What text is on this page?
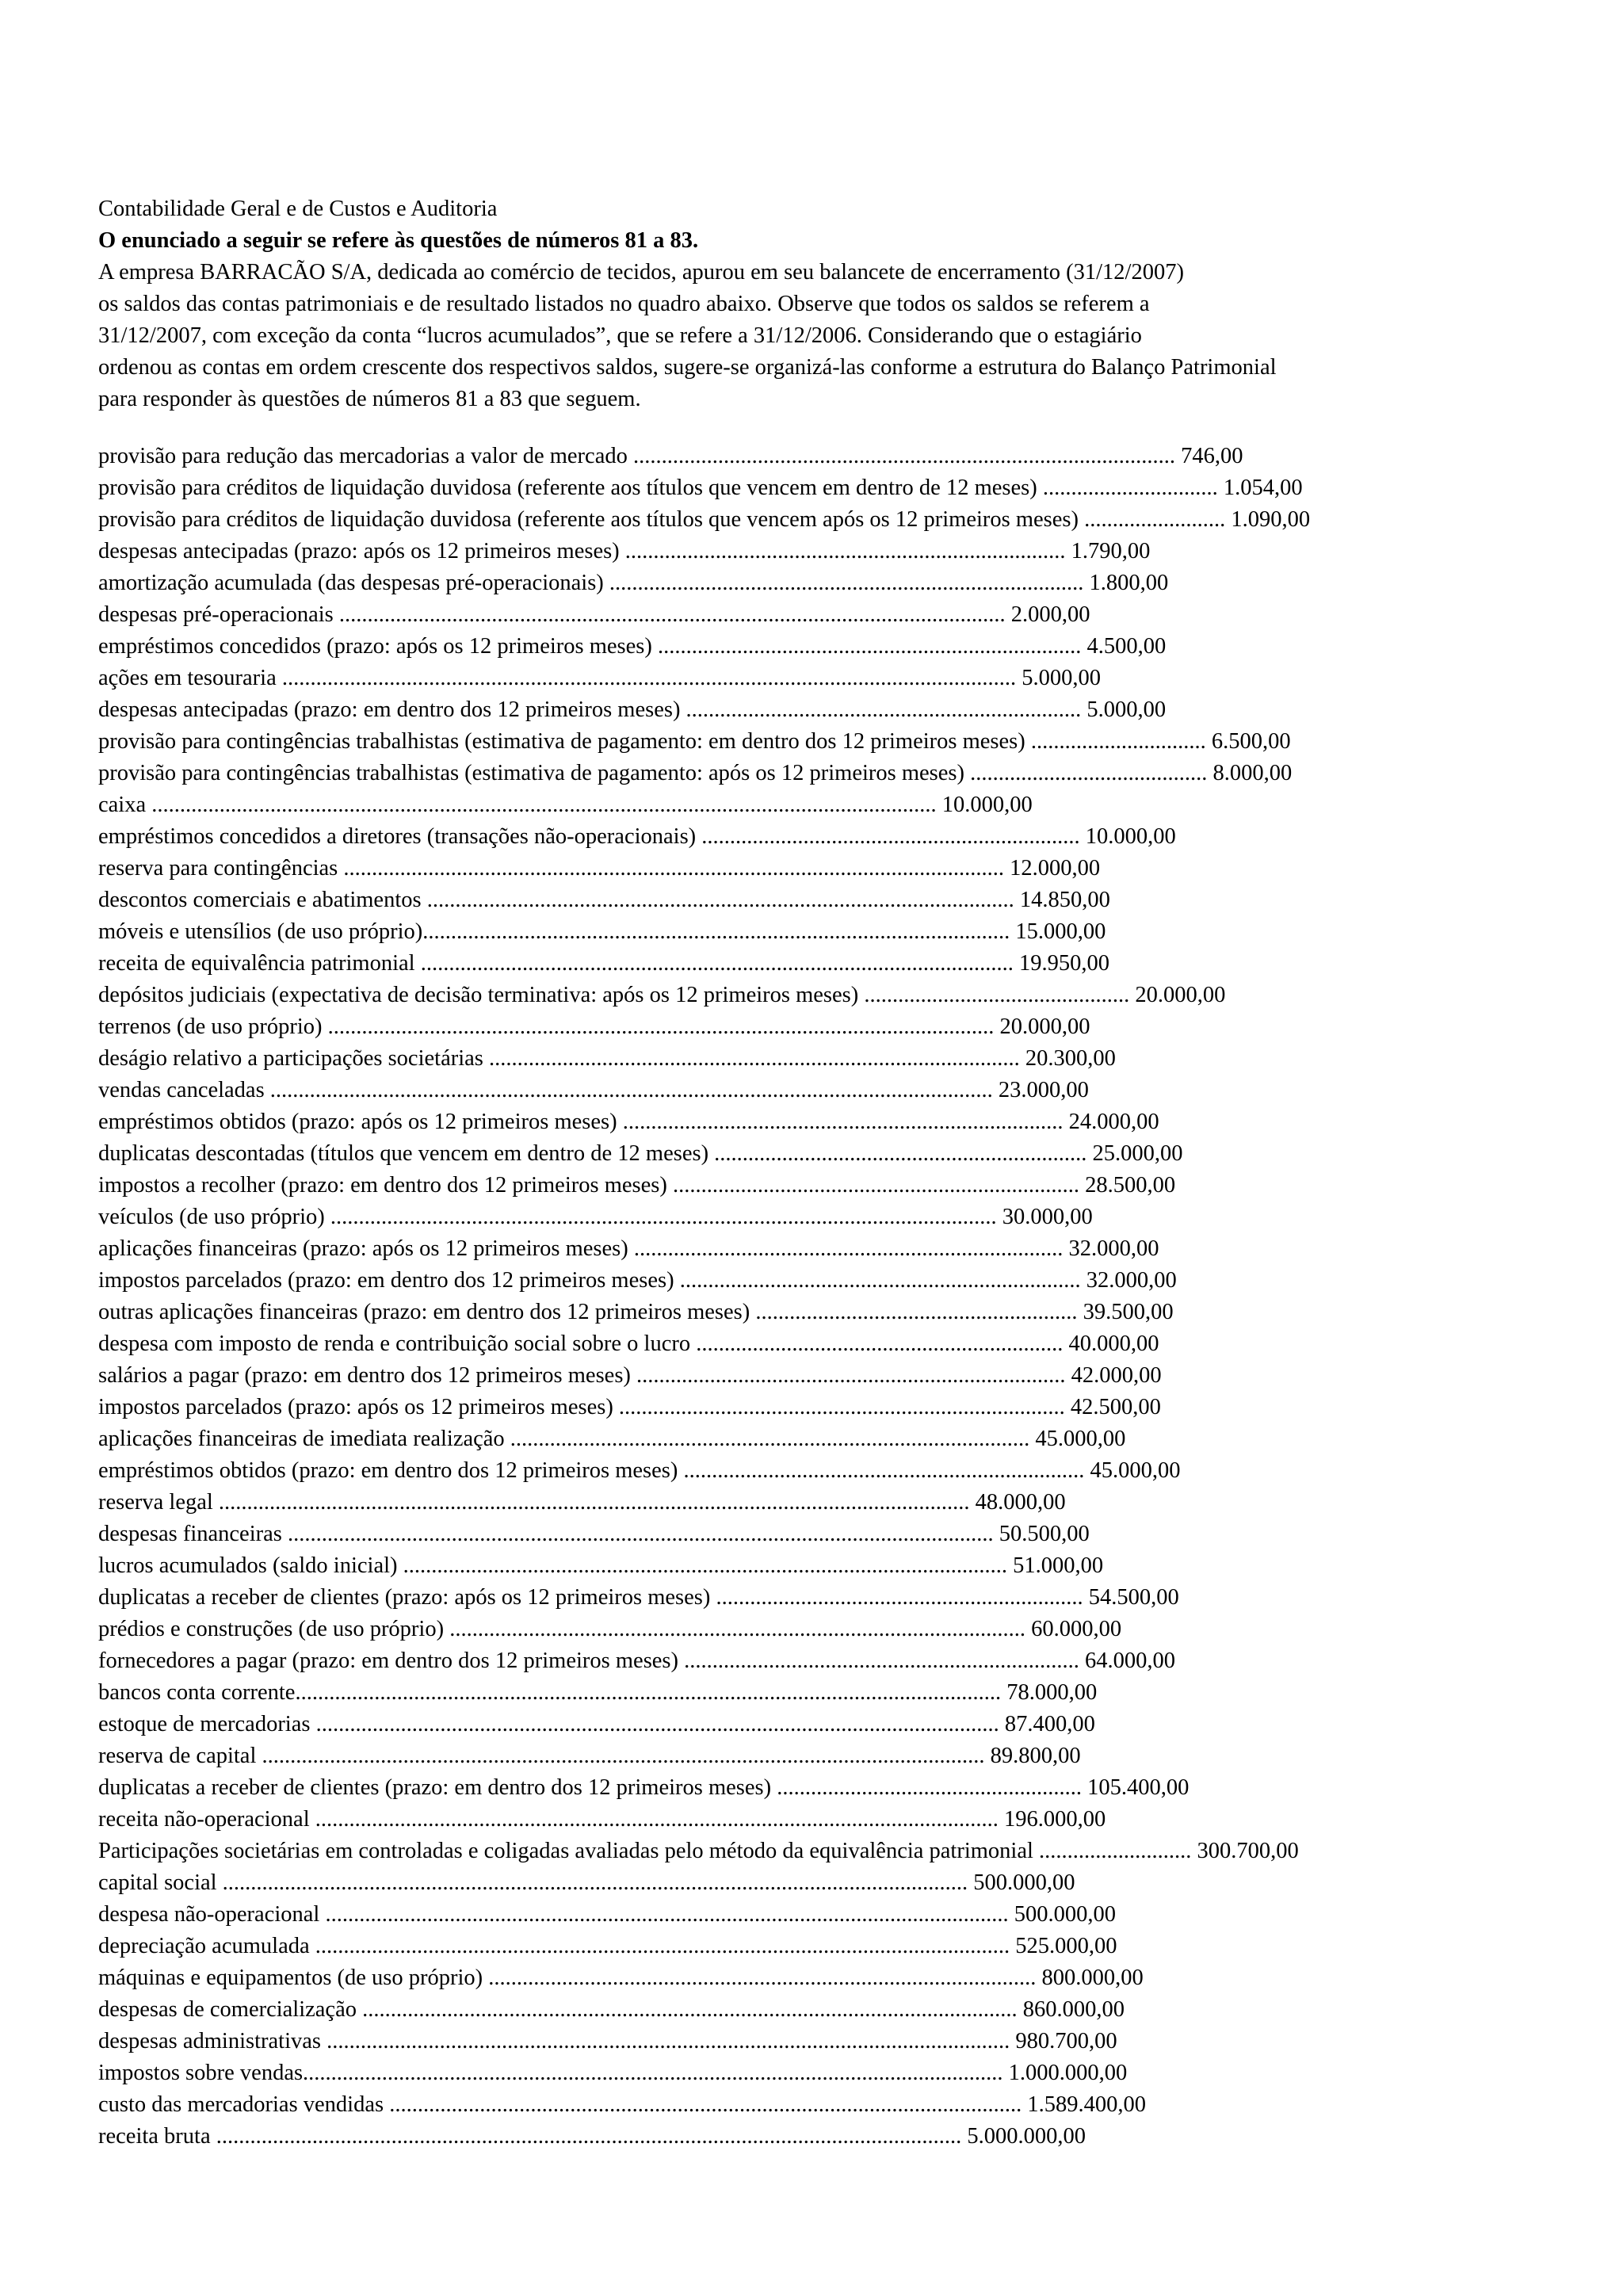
Contabilidade Geral e de Custos e Auditoria

O enunciado a seguir se refere às questões de números 81 a 83.

A empresa BARRACÃO S/A, dedicada ao comércio de tecidos, apurou em seu balancete de encerramento (31/12/2007)

os saldos das contas patrimoniais e de resultado listados no quadro abaixo. Observe que todos os saldos se referem a

31/12/2007, com exceção da conta “lucros acumulados”, que se refere a 31/12/2006. Considerando que o estagiário

ordenou as contas em ordem crescente dos respectivos saldos, sugere-se organizá-las conforme a estrutura do Balanço Patrimonial

para responder às questões de números 81 a 83 que seguem.

provisão para redução das mercadorias a valor de mercado ................................................................................................ 746,00

provisão para créditos de liquidação duvidosa (referente aos títulos que vencem em dentro de 12 meses) ............................... 1.054,00

provisão para créditos de liquidação duvidosa (referente aos títulos que vencem após os 12 primeiros meses) ......................... 1.090,00

despesas antecipadas (prazo: após os 12 primeiros meses) .............................................................................. 1.790,00

amortização acumulada (das despesas pré-operacionais) .................................................................................... 1.800,00

despesas pré-operacionais ...................................................................................................................... 2.000,00

empréstimos concedidos (prazo: após os 12 primeiros meses) ........................................................................... 4.500,00

ações em tesouraria .................................................................................................................................. 5.000,00

despesas antecipadas (prazo: em dentro dos 12 primeiros meses) ...................................................................... 5.000,00

provisão para contingências trabalhistas (estimativa de pagamento: em dentro dos 12 primeiros meses) ............................... 6.500,00

provisão para contingências trabalhistas (estimativa de pagamento: após os 12 primeiros meses) .......................................... 8.000,00

caixa ........................................................................................................................................... 10.000,00

empréstimos concedidos a diretores (transações não-operacionais) ................................................................... 10.000,00

reserva para contingências ..................................................................................................................... 12.000,00

descontos comerciais e abatimentos ........................................................................................................ 14.850,00

móveis e utensílios (de uso próprio)........................................................................................................ 15.000,00

receita de equivalência patrimonial ......................................................................................................... 19.950,00

depósitos judiciais (expectativa de decisão terminativa: após os 12 primeiros meses) ............................................... 20.000,00

terrenos (de uso próprio) ...................................................................................................................... 20.000,00

deságio relativo a participações societárias .............................................................................................. 20.300,00

vendas canceladas ................................................................................................................................ 23.000,00

empréstimos obtidos (prazo: após os 12 primeiros meses) .............................................................................. 24.000,00

duplicatas descontadas (títulos que vencem em dentro de 12 meses) .................................................................. 25.000,00

impostos a recolher (prazo: em dentro dos 12 primeiros meses) ........................................................................ 28.500,00

veículos (de uso próprio) ...................................................................................................................... 30.000,00

aplicações financeiras (prazo: após os 12 primeiros meses) ............................................................................ 32.000,00

impostos parcelados (prazo: em dentro dos 12 primeiros meses) ....................................................................... 32.000,00

outras aplicações financeiras (prazo: em dentro dos 12 primeiros meses) ......................................................... 39.500,00

despesa com imposto de renda e contribuição social sobre o lucro ................................................................. 40.000,00

salários a pagar (prazo: em dentro dos 12 primeiros meses) ............................................................................ 42.000,00

impostos parcelados (prazo: após os 12 primeiros meses) ............................................................................... 42.500,00

aplicações financeiras de imediata realização ............................................................................................ 45.000,00

empréstimos obtidos (prazo: em dentro dos 12 primeiros meses) ....................................................................... 45.000,00

reserva legal ..................................................................................................................................... 48.000,00

despesas financeiras ............................................................................................................................. 50.500,00

lucros acumulados (saldo inicial) ........................................................................................................... 51.000,00

duplicatas a receber de clientes (prazo: após os 12 primeiros meses) ................................................................. 54.500,00

prédios e construções (de uso próprio) ...................................................................................................... 60.000,00

fornecedores a pagar (prazo: em dentro dos 12 primeiros meses) ...................................................................... 64.000,00

bancos conta corrente............................................................................................................................. 78.000,00

estoque de mercadorias ......................................................................................................................... 87.400,00

reserva de capital ................................................................................................................................ 89.800,00

duplicatas a receber de clientes (prazo: em dentro dos 12 primeiros meses) ...................................................... 105.400,00

receita não-operacional ......................................................................................................................... 196.000,00

Participações societárias em controladas e coligadas avaliadas pelo método da equivalência patrimonial ........................... 300.700,00

capital social .................................................................................................................................... 500.000,00

despesa não-operacional ......................................................................................................................... 500.000,00

depreciação acumulada ........................................................................................................................... 525.000,00

máquinas e equipamentos (de uso próprio) ................................................................................................. 800.000,00

despesas de comercialização .................................................................................................................... 860.000,00

despesas administrativas ......................................................................................................................... 980.700,00

impostos sobre vendas............................................................................................................................ 1.000.000,00

custo das mercadorias vendidas ................................................................................................................ 1.589.400,00

receita bruta .................................................................................................................................... 5.000.000,00
